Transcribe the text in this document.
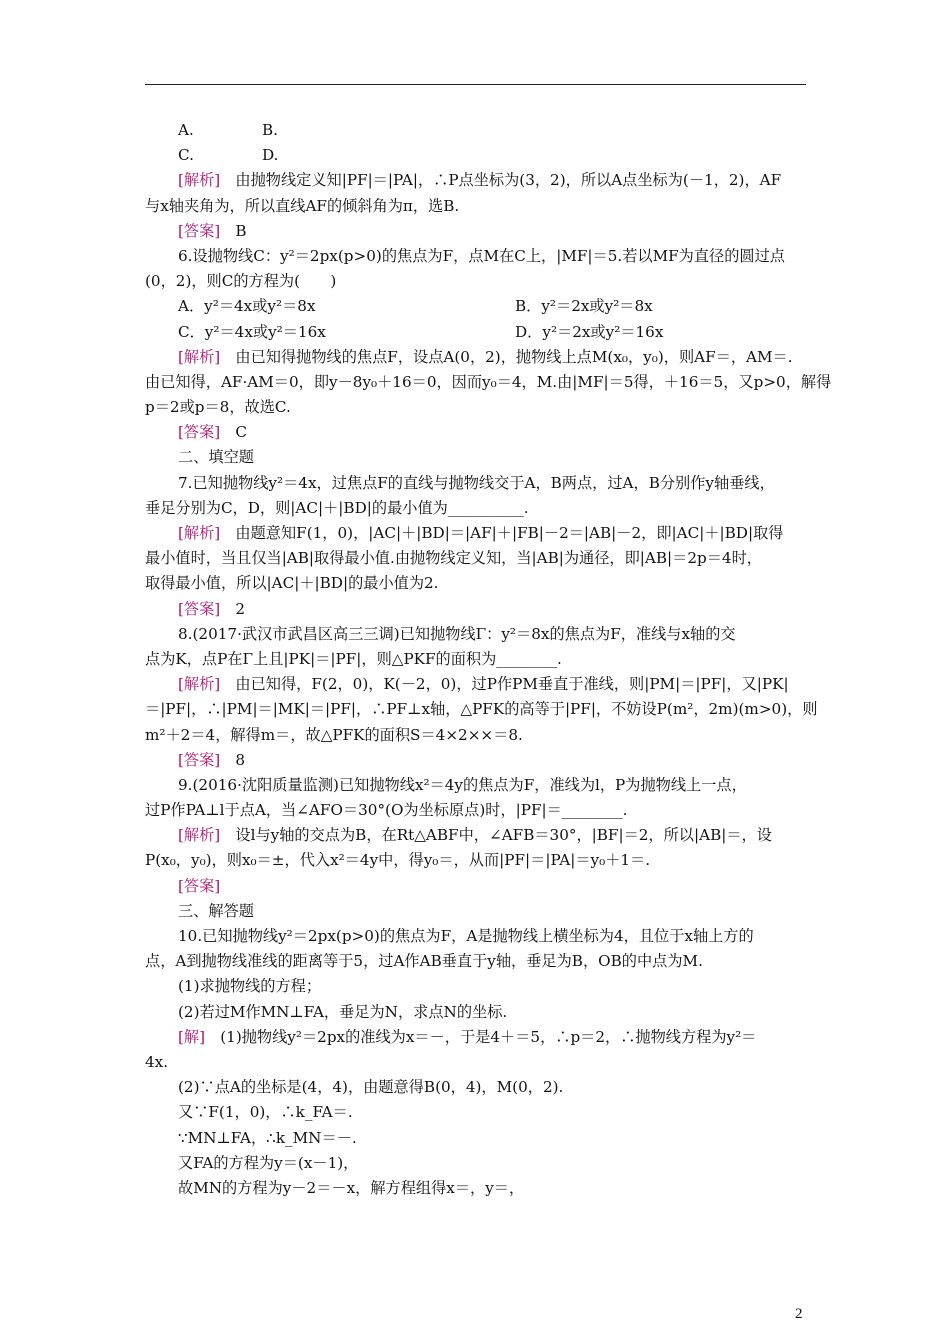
A.	B.
C.	D.
[解析]　由抛物线定义知|PF|＝|PA|，∴P点坐标为(3，2)，所以A点坐标为(－1，2)，AF
与x轴夹角为，所以直线AF的倾斜角为π，选B.
[答案]　B
6.设抛物线C：y²＝2px(p>0)的焦点为F，点M在C上，|MF|＝5.若以MF为直径的圆过点
(0，2)，则C的方程为(　　)
A．y²＝4x或y²＝8x	B．y²＝2x或y²＝8x
C．y²＝4x或y²＝16x	D．y²＝2x或y²＝16x
[解析]　由已知得抛物线的焦点F，设点A(0，2)，抛物线上点M(x₀，y₀)，则AF＝，AM＝.
由已知得，AF·AM＝0，即y－8y₀＋16＝0，因而y₀＝4，M.由|MF|＝5得，＋16＝5，又p>0，解得
p＝2或p＝8，故选C.
[答案]　C
二、填空题
7.已知抛物线y²＝4x，过焦点F的直线与抛物线交于A，B两点，过A，B分别作y轴垂线，
垂足分别为C，D，则|AC|＋|BD|的最小值为__________.
[解析]　由题意知F(1，0)，|AC|＋|BD|＝|AF|＋|FB|－2＝|AB|－2，即|AC|＋|BD|取得
最小值时，当且仅当|AB|取得最小值.由抛物线定义知，当|AB|为通径，即|AB|＝2p＝4时，
取得最小值，所以|AC|＋|BD|的最小值为2.
[答案]　2
8.(2017·武汉市武昌区高三三调)已知抛物线Γ：y²＝8x的焦点为F，准线与x轴的交
点为K，点P在Γ上且|PK|＝|PF|，则△PKF的面积为________.
[解析]　由已知得，F(2，0)，K(－2，0)，过P作PM垂直于准线，则|PM|＝|PF|，又|PK|
＝|PF|，∴|PM|＝|MK|＝|PF|，∴PF⊥x轴，△PFK的高等于|PF|，不妨设P(m²，2m)(m>0)，则
m²＋2＝4，解得m＝，故△PFK的面积S＝4×2××＝8.
[答案]　8
9.(2016·沈阳质量监测)已知抛物线x²＝4y的焦点为F，准线为l，P为抛物线上一点，
过P作PA⊥l于点A，当∠AFO＝30°(O为坐标原点)时，|PF|＝________.
[解析]　设l与y轴的交点为B，在Rt△ABF中，∠AFB＝30°，|BF|＝2，所以|AB|＝，设
P(x₀，y₀)，则x₀＝±，代入x²＝4y中，得y₀＝，从而|PF|＝|PA|＝y₀＋1＝.
[答案]
三、解答题
10.已知抛物线y²＝2px(p>0)的焦点为F，A是抛物线上横坐标为4，且位于x轴上方的
点，A到抛物线准线的距离等于5，过A作AB垂直于y轴，垂足为B，OB的中点为M.
(1)求抛物线的方程；
(2)若过M作MN⊥FA，垂足为N，求点N的坐标.
[解]　(1)抛物线y²＝2px的准线为x＝－，于是4＋＝5，∴p＝2，∴抛物线方程为y²＝
4x.
(2)∵点A的坐标是(4，4)，由题意得B(0，4)，M(0，2).
又∵F(1，0)，∴k_FA＝.
∵MN⊥FA，∴k_MN＝－.
又FA的方程为y＝(x－1)，
故MN的方程为y－2＝－x，解方程组得x＝，y＝，
2
